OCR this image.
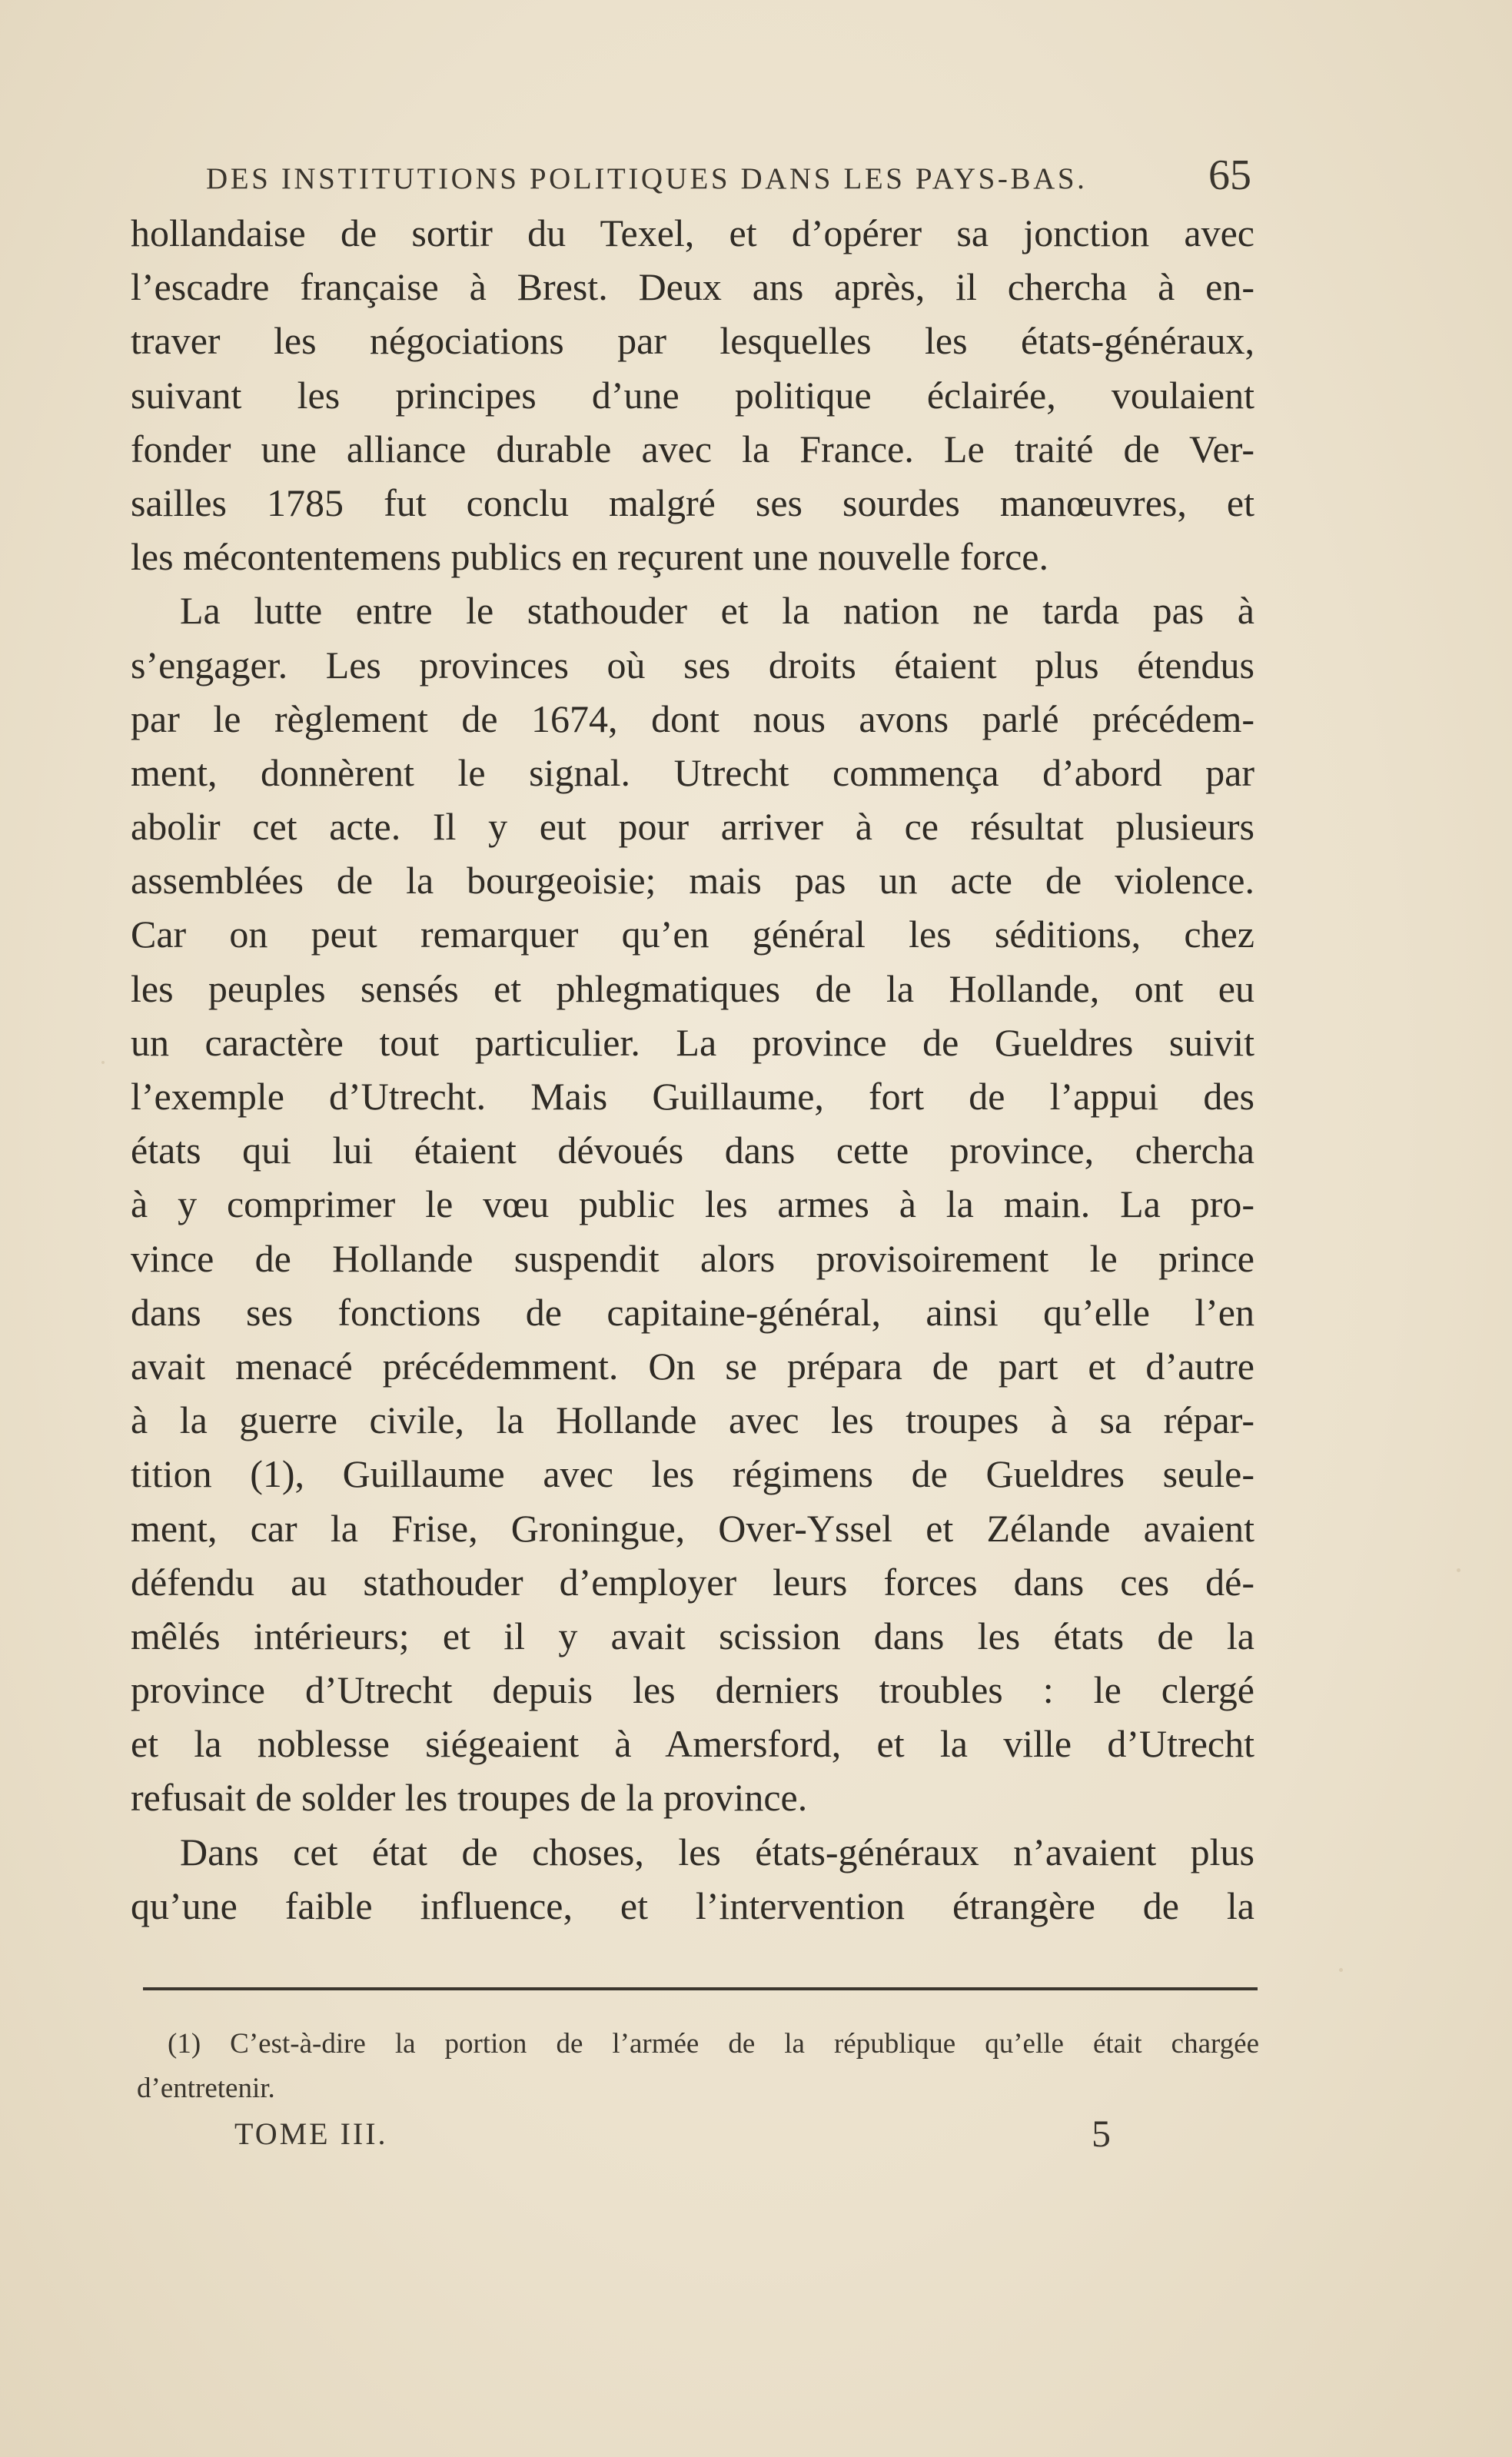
DES INSTITUTIONS POLITIQUES DANS LES PAYS-BAS.	65
hollandaise de sortir du Texel, et d’opérer sa jonction avec
l’escadre française à Brest. Deux ans après, il chercha à en-
traver les négociations par lesquelles les états-généraux,
suivant les principes d’une politique éclairée, voulaient
fonder une alliance durable avec la France. Le traité de Ver-
sailles 1785 fut conclu malgré ses sourdes manœuvres, et
les mécontentemens publics en reçurent une nouvelle force.
La lutte entre le stathouder et la nation ne tarda pas à
s’engager. Les provinces où ses droits étaient plus étendus
par le règlement de 1674, dont nous avons parlé précédem-
ment, donnèrent le signal. Utrecht commença d’abord par
abolir cet acte. Il y eut pour arriver à ce résultat plusieurs
assemblées de la bourgeoisie; mais pas un acte de violence.
Car on peut remarquer qu’en général les séditions, chez
les peuples sensés et phlegmatiques de la Hollande, ont eu
un caractère tout particulier. La province de Gueldres suivit
l’exemple d’Utrecht. Mais Guillaume, fort de l’appui des
états qui lui étaient dévoués dans cette province, chercha
à y comprimer le vœu public les armes à la main. La pro-
vince de Hollande suspendit alors provisoirement le prince
dans ses fonctions de capitaine-général, ainsi qu’elle l’en
avait menacé précédemment. On se prépara de part et d’autre
à la guerre civile, la Hollande avec les troupes à sa répar-
tition (1), Guillaume avec les régimens de Gueldres seule-
ment, car la Frise, Groningue, Over-Yssel et Zélande avaient
défendu au stathouder d’employer leurs forces dans ces dé-
mêlés intérieurs; et il y avait scission dans les états de la
province d’Utrecht depuis les derniers troubles : le clergé
et la noblesse siégeaient à Amersford, et la ville d’Utrecht
refusait de solder les troupes de la province.
Dans cet état de choses, les états-généraux n’avaient plus
qu’une faible influence, et l’intervention étrangère de la
(1) C’est-à-dire la portion de l’armée de la république qu’elle était chargée
d’entretenir.
TOME III.	5
